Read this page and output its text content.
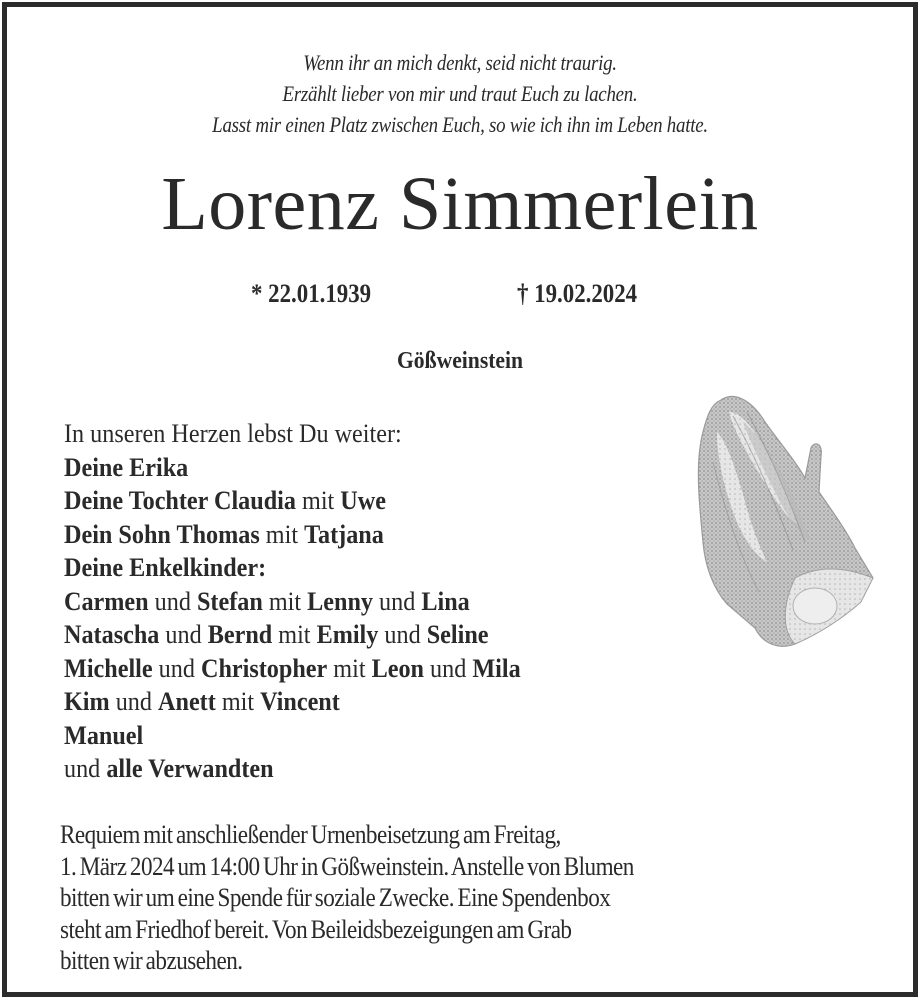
Wenn ihr an mich denkt, seid nicht traurig.
Erzählt lieber von mir und traut Euch zu lachen.
Lasst mir einen Platz zwischen Euch, so wie ich ihn im Leben hatte.
Lorenz Simmerlein
* 22.01.1939	† 19.02.2024
Gößweinstein
In unseren Herzen lebst Du weiter:
Deine Erika
Deine Tochter Claudia mit Uwe
Dein Sohn Thomas mit Tatjana
Deine Enkelkinder:
Carmen und Stefan mit Lenny und Lina
Natascha und Bernd mit Emily und Seline
Michelle und Christopher mit Leon und Mila
Kim und Anett mit Vincent
Manuel
und alle Verwandten
Requiem mit anschließender Urnenbeisetzung am Freitag,
1. März 2024 um 14:00 Uhr in Gößweinstein. Anstelle von Blumen
bitten wir um eine Spende für soziale Zwecke. Eine Spendenbox
steht am Friedhof bereit. Von Beileidsbezeigungen am Grab
bitten wir abzusehen.
